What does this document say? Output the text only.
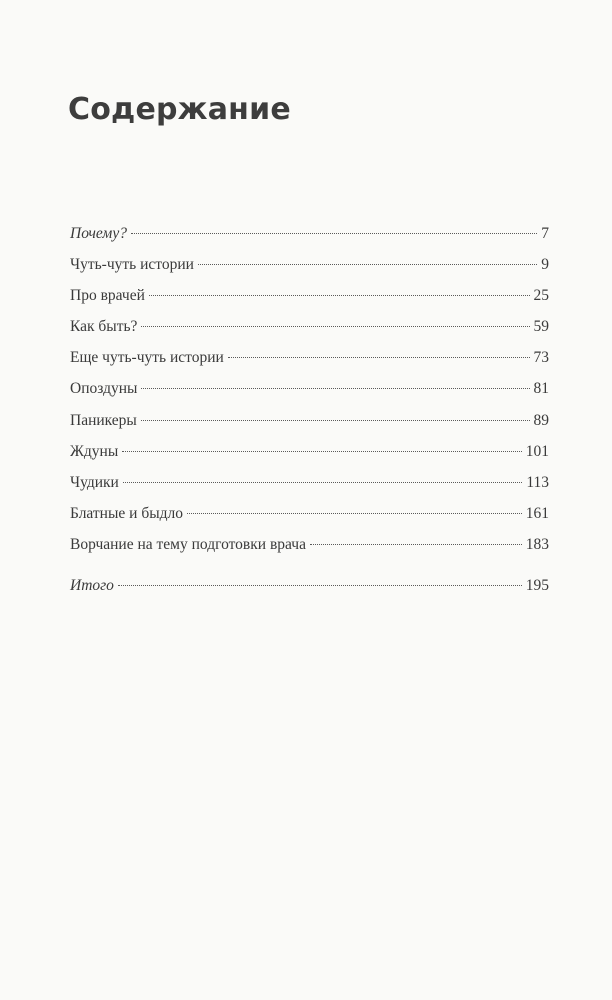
Содержание
Почему?	7
Чуть-чуть истории	9
Про врачей	25
Как быть?	59
Еще чуть-чуть истории	73
Опоздуны	81
Паникеры	89
Ждуны	101
Чудики	113
Блатные и быдло	161
Ворчание на тему подготовки врача	183
Итого	195
